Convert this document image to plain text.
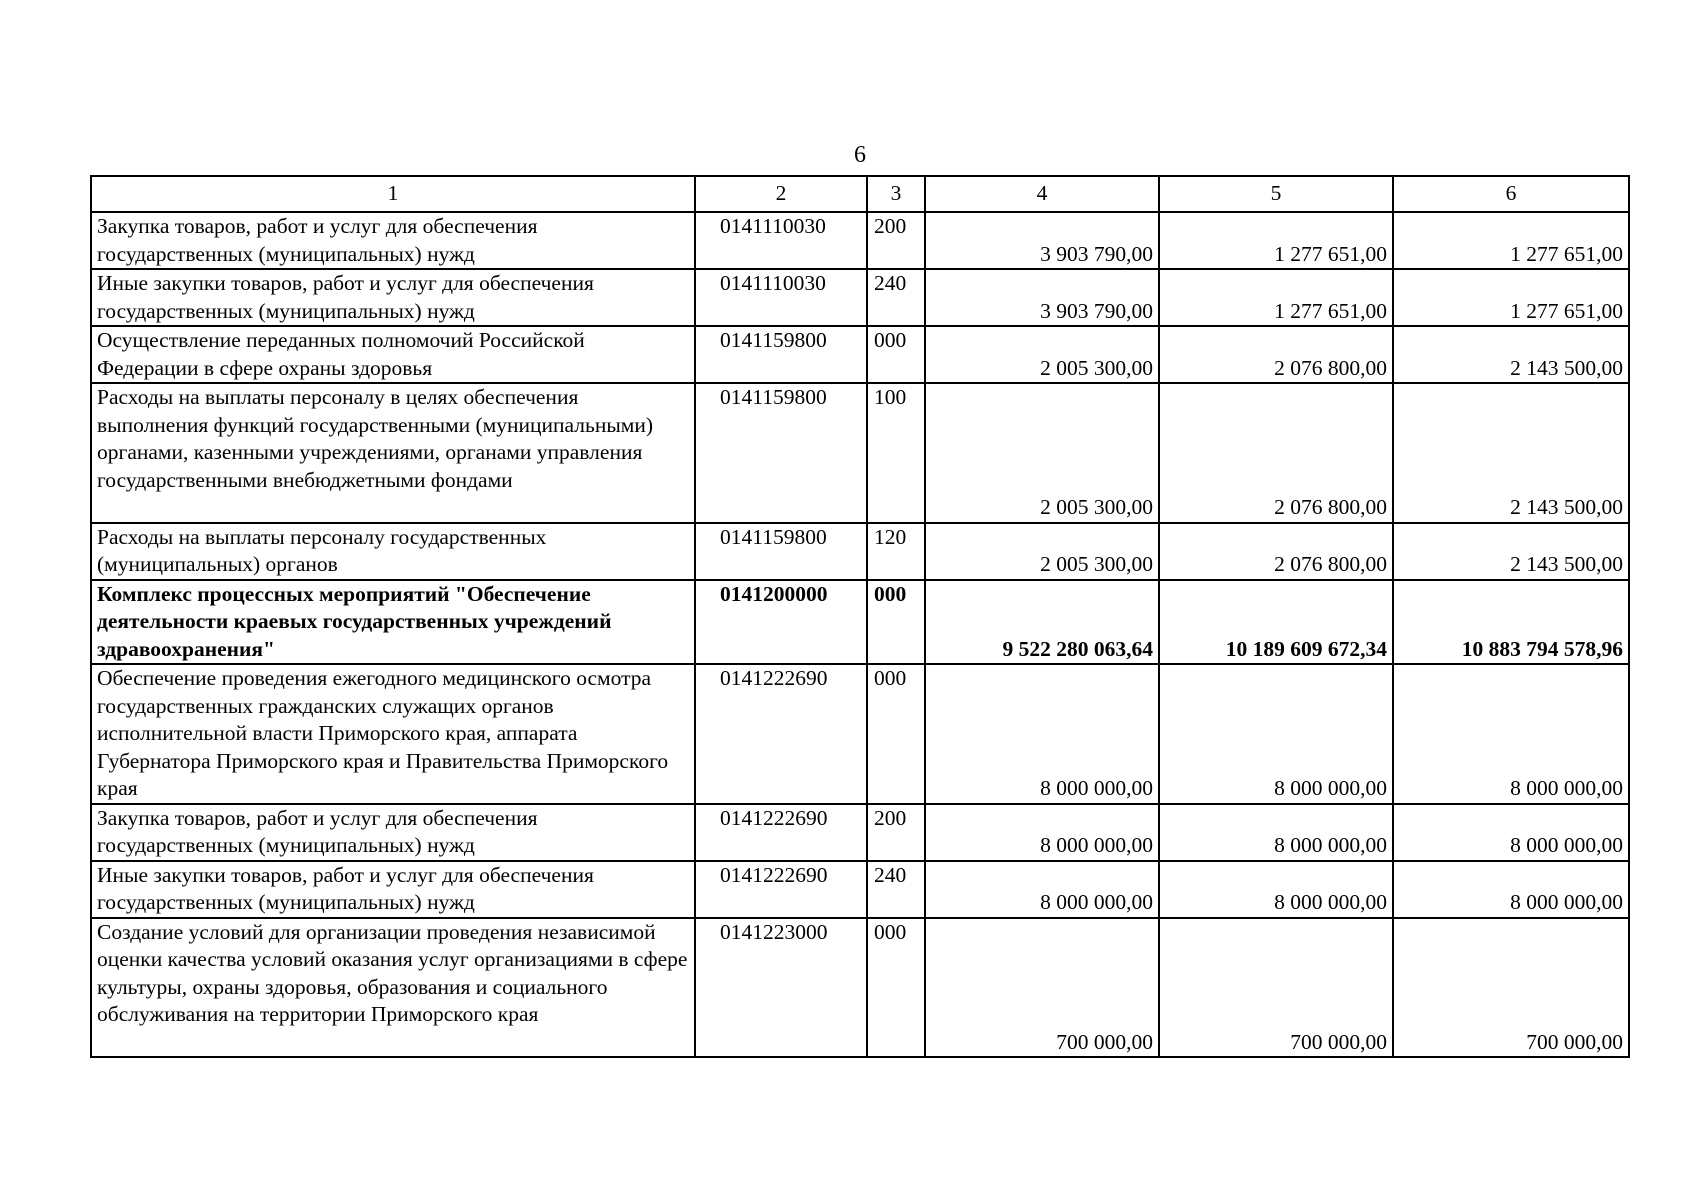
6
1	2	3	4	5	6
Закупка товаров, работ и услуг для обеспечения государственных (муниципальных) нужд	0141110030	200	3 903 790,00	1 277 651,00	1 277 651,00
Иные закупки товаров, работ и услуг для обеспечения государственных (муниципальных) нужд	0141110030	240	3 903 790,00	1 277 651,00	1 277 651,00
Осуществление переданных полномочий Российской Федерации в сфере охраны здоровья	0141159800	000	2 005 300,00	2 076 800,00	2 143 500,00
Расходы на выплаты персоналу в целях обеспечения выполнения функций государственными (муниципальными) органами, казенными учреждениями, органами управления государственными внебюджетными фондами	0141159800	100	2 005 300,00	2 076 800,00	2 143 500,00
Расходы на выплаты персоналу государственных (муниципальных) органов	0141159800	120	2 005 300,00	2 076 800,00	2 143 500,00
Комплекс процессных мероприятий "Обеспечение деятельности краевых государственных учреждений здравоохранения"	0141200000	000	9 522 280 063,64	10 189 609 672,34	10 883 794 578,96
Обеспечение проведения ежегодного медицинского осмотра государственных гражданских служащих органов исполнительной власти Приморского края, аппарата Губернатора Приморского края и Правительства Приморского края	0141222690	000	8 000 000,00	8 000 000,00	8 000 000,00
Закупка товаров, работ и услуг для обеспечения государственных (муниципальных) нужд	0141222690	200	8 000 000,00	8 000 000,00	8 000 000,00
Иные закупки товаров, работ и услуг для обеспечения государственных (муниципальных) нужд	0141222690	240	8 000 000,00	8 000 000,00	8 000 000,00
Создание условий для организации проведения независимой оценки качества условий оказания услуг организациями в сфере культуры, охраны здоровья, образования и социального обслуживания на территории Приморского края	0141223000	000	700 000,00	700 000,00	700 000,00
